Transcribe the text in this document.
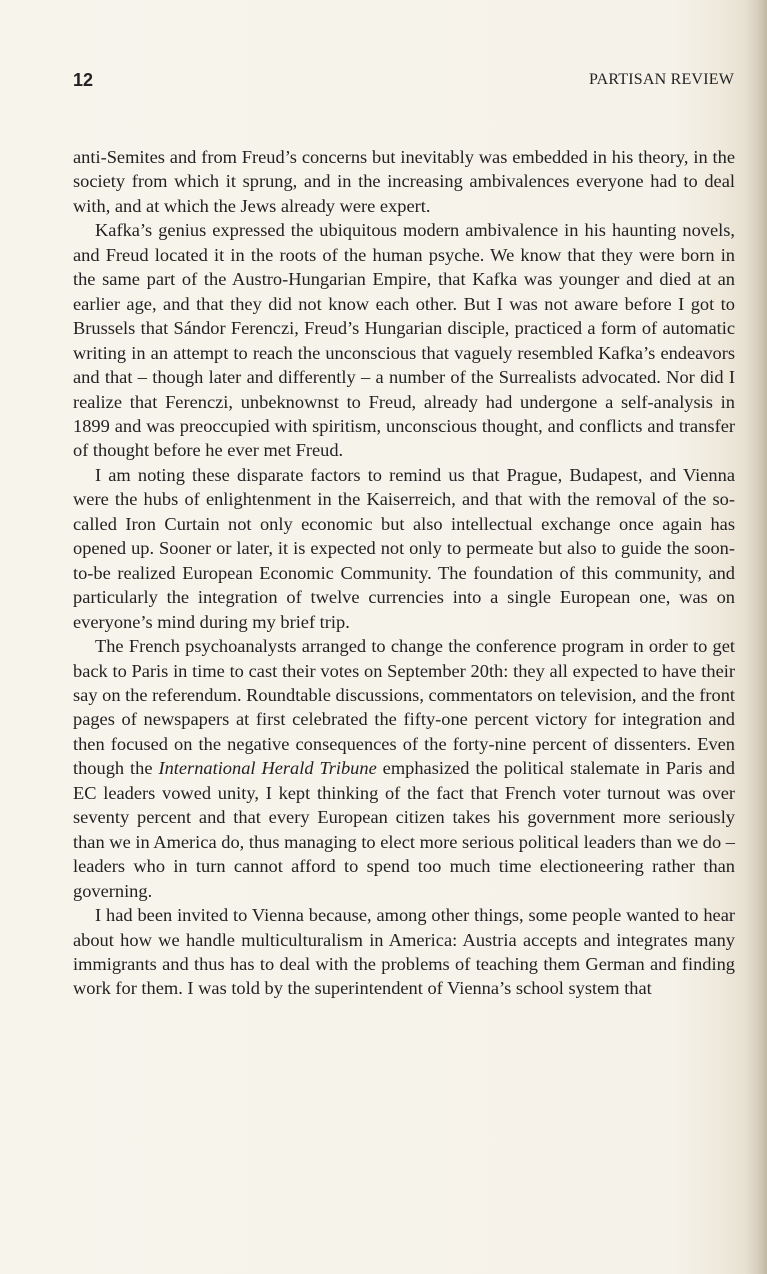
12	PARTISAN REVIEW

anti-Semites and from Freud’s concerns but inevitably was embedded in his theory, in the society from which it sprung, and in the increasing ambivalences everyone had to deal with, and at which the Jews already were expert.

Kafka’s genius expressed the ubiquitous modern ambivalence in his haunting novels, and Freud located it in the roots of the human psyche. We know that they were born in the same part of the Austro-Hungarian Empire, that Kafka was younger and died at an earlier age, and that they did not know each other. But I was not aware before I got to Brussels that Sándor Ferenczi, Freud’s Hungarian disciple, practiced a form of automatic writing in an attempt to reach the unconscious that vaguely resembled Kafka’s endeavors and that – though later and differently – a number of the Surrealists advocated. Nor did I realize that Ferenczi, unbeknownst to Freud, already had undergone a self-analysis in 1899 and was preoccupied with spiritism, unconscious thought, and conflicts and transfer of thought before he ever met Freud.

I am noting these disparate factors to remind us that Prague, Budapest, and Vienna were the hubs of enlightenment in the Kaiserreich, and that with the removal of the so-called Iron Curtain not only economic but also intellectual exchange once again has opened up. Sooner or later, it is expected not only to permeate but also to guide the soon-to-be realized European Economic Community. The foundation of this community, and particularly the integration of twelve currencies into a single European one, was on everyone’s mind during my brief trip.

The French psychoanalysts arranged to change the conference program in order to get back to Paris in time to cast their votes on September 20th: they all expected to have their say on the referendum. Roundtable discussions, commentators on television, and the front pages of newspapers at first celebrated the fifty-one percent victory for integration and then focused on the negative consequences of the forty-nine percent of dissenters. Even though the International Herald Tribune emphasized the political stalemate in Paris and EC leaders vowed unity, I kept thinking of the fact that French voter turnout was over seventy percent and that every European citizen takes his government more seriously than we in America do, thus managing to elect more serious political leaders than we do – leaders who in turn cannot afford to spend too much time electioneering rather than governing.

I had been invited to Vienna because, among other things, some people wanted to hear about how we handle multiculturalism in America: Austria accepts and integrates many immigrants and thus has to deal with the problems of teaching them German and finding work for them. I was told by the superintendent of Vienna’s school system that
